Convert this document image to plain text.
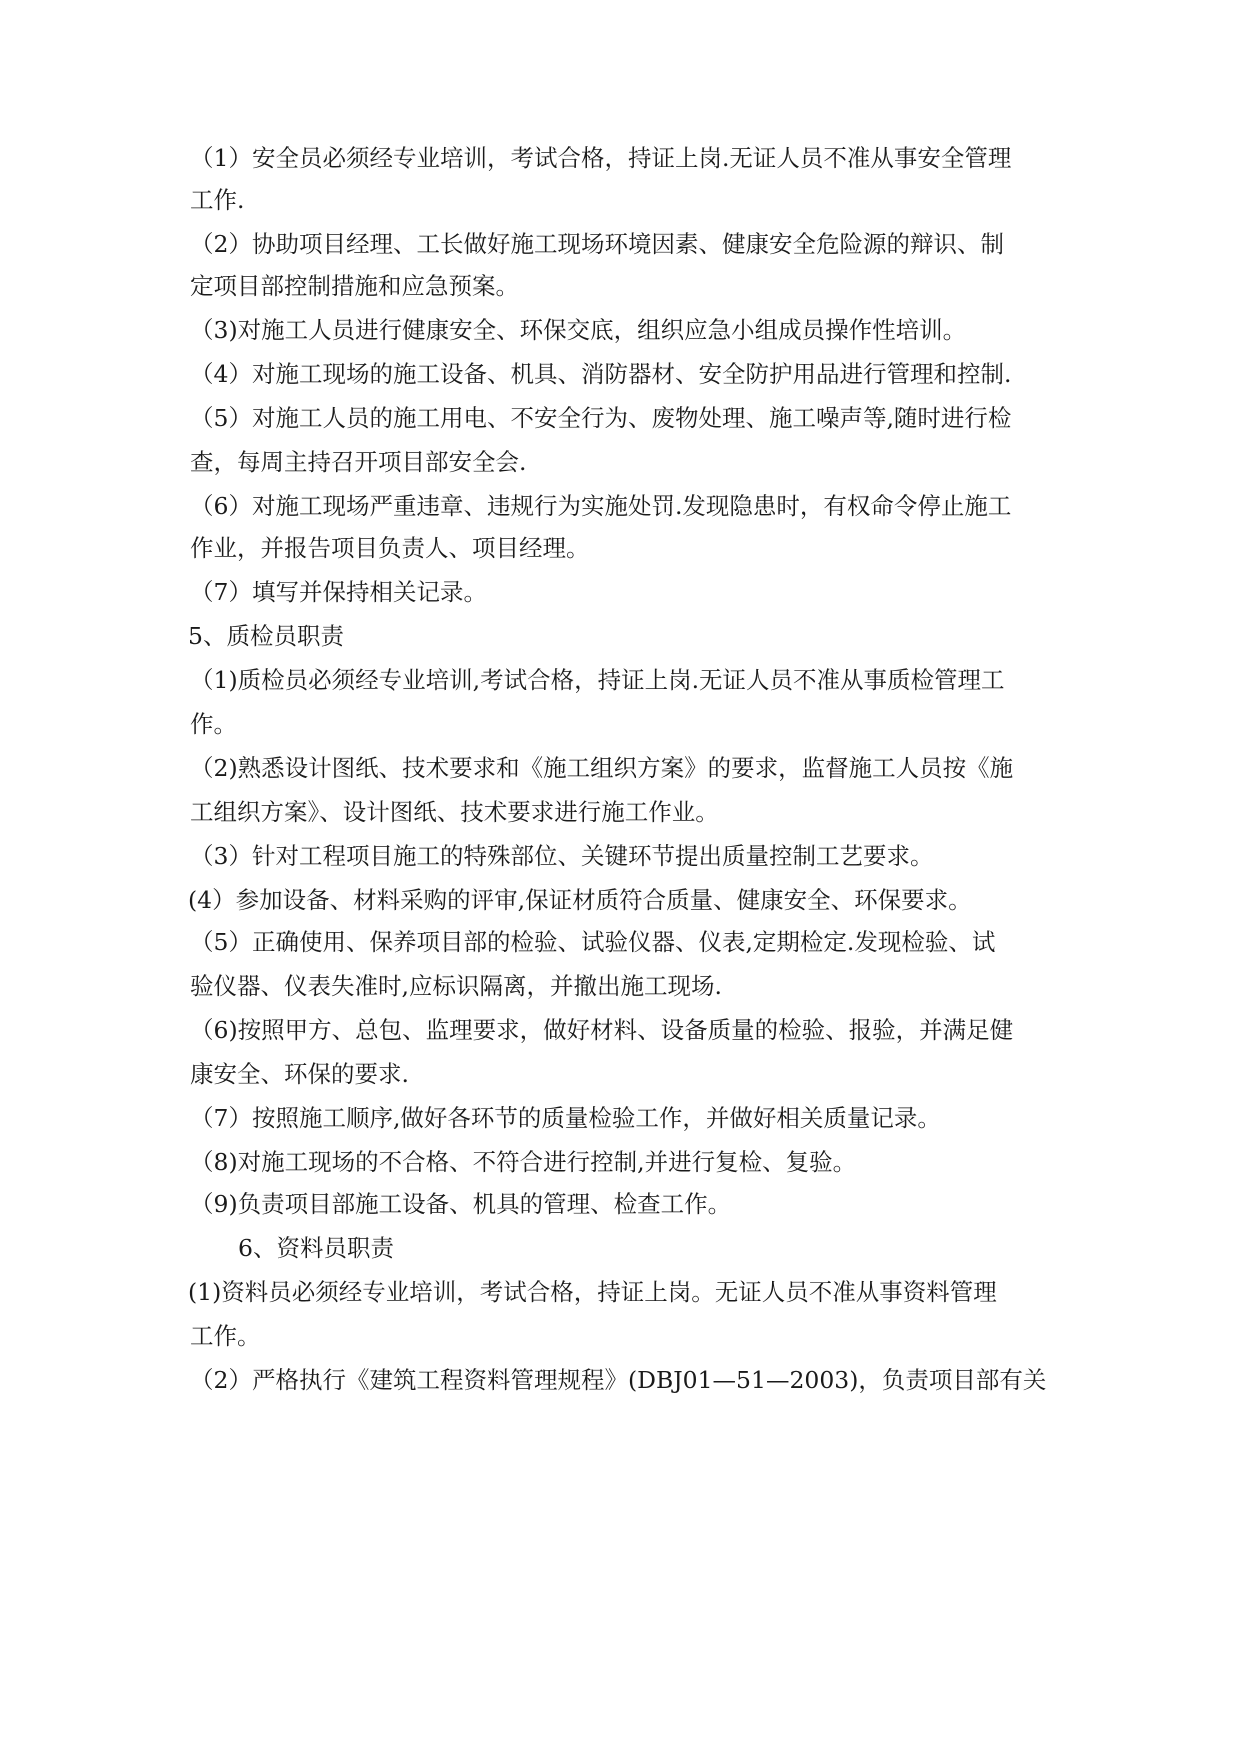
（1）安全员必须经专业培训，考试合格，持证上岗.无证人员不准从事安全管理
工作.
（2）协助项目经理、工长做好施工现场环境因素、健康安全危险源的辩识、制
定项目部控制措施和应急预案。
（3)对施工人员进行健康安全、环保交底，组织应急小组成员操作性培训。
（4）对施工现场的施工设备、机具、消防器材、安全防护用品进行管理和控制.
（5）对施工人员的施工用电、不安全行为、废物处理、施工噪声等,随时进行检
查，每周主持召开项目部安全会.
（6）对施工现场严重违章、违规行为实施处罚.发现隐患时，有权命令停止施工
作业，并报告项目负责人、项目经理。
（7）填写并保持相关记录。
5、质检员职责
（1)质检员必须经专业培训,考试合格，持证上岗.无证人员不准从事质检管理工
作。
（2)熟悉设计图纸、技术要求和《施工组织方案》的要求，监督施工人员按《施
工组织方案》、设计图纸、技术要求进行施工作业。
（3）针对工程项目施工的特殊部位、关键环节提出质量控制工艺要求。
(4）参加设备、材料采购的评审,保证材质符合质量、健康安全、环保要求。
（5）正确使用、保养项目部的检验、试验仪器、仪表,定期检定.发现检验、试
验仪器、仪表失准时,应标识隔离，并撤出施工现场.
（6)按照甲方、总包、监理要求，做好材料、设备质量的检验、报验，并满足健
康安全、环保的要求.
（7）按照施工顺序,做好各环节的质量检验工作，并做好相关质量记录。
（8)对施工现场的不合格、不符合进行控制,并进行复检、复验。
（9)负责项目部施工设备、机具的管理、检查工作。
6、资料员职责
(1)资料员必须经专业培训，考试合格，持证上岗。无证人员不准从事资料管理
工作。
（2）严格执行《建筑工程资料管理规程》(DBJ01—51—2003)，负责项目部有关
